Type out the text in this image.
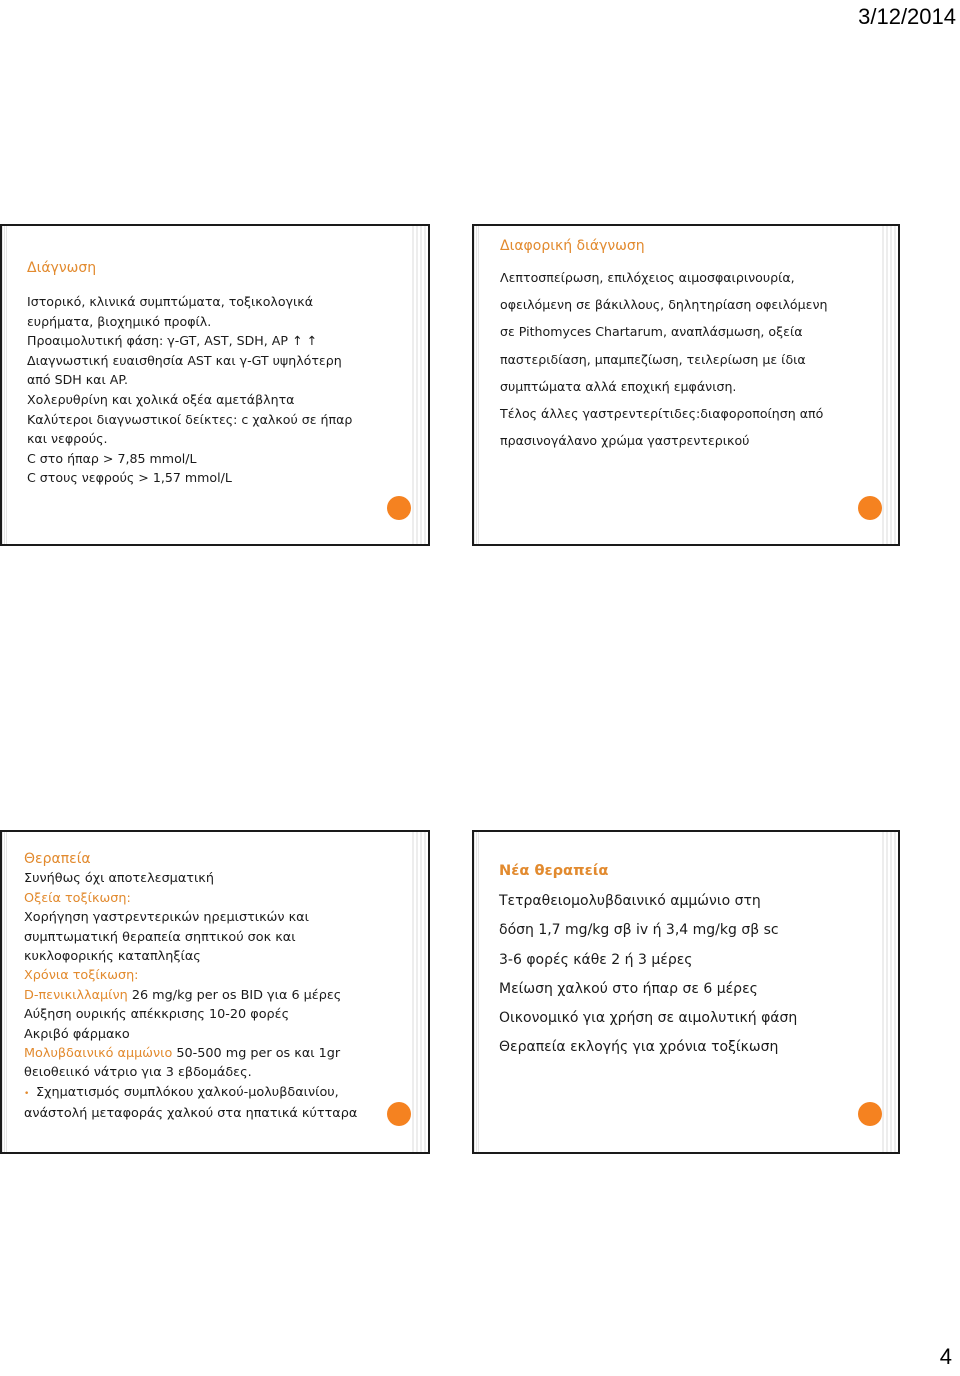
3/12/2014
Διάγνωση
Ιστορικό, κλινικά συμπτώματα, τοξικολογικά
ευρήματα, βιοχημικό προφίλ.
Προαιμολυτική φάση: γ-GT, AST, SDH, AP ↑ ↑
Διαγνωστική ευαισθησία AST και γ-GT υψηλότερη
από SDH και AP.
Χολερυθρίνη και χολικά οξέα αμετάβλητα
Καλύτεροι διαγνωστικοί δείκτες: c χαλκού σε ήπαρ
και νεφρούς.
C στο ήπαρ > 7,85 mmol/L
C στους νεφρούς > 1,57 mmol/L
Διαφορική διάγνωση
Λεπτοσπείρωση, επιλόχειος αιμοσφαιρινουρία,
οφειλόμενη σε βάκιλλους, δηλητηρίαση οφειλόμενη
σε Pithomyces Chartarum, αναπλάσμωση, οξεία
παστεριδίαση, μπαμπεζίωση, τειλερίωση με ίδια
συμπτώματα αλλά εποχική εμφάνιση.
Τέλος άλλες γαστρεντερίτιδες:διαφοροποίηση από
πρασινογάλανο χρώμα γαστρεντερικού
Θεραπεία
Συνήθως όχι αποτελεσματική
Οξεία τοξίκωση:
Χορήγηση γαστρεντερικών ηρεμιστικών και
συμπτωματική θεραπεία σηπτικού σοκ και
κυκλοφορικής καταπληξίας
Χρόνια τοξίκωση:
D-πενικιλλαμίνη 26 mg/kg per os BID για 6 μέρες
Αύξηση ουρικής απέκκρισης 10-20 φορές
Ακριβό φάρμακο
Μολυβδαινικό αμμώνιο 50-500 mg per os και 1gr
θειοθειικό νάτριο για 3 εβδομάδες.
• Σχηματισμός συμπλόκου χαλκού-μολυβδαινίου,
ανάστολή μεταφοράς χαλκού στα ηπατικά κύτταρα
Νέα θεραπεία
Τετραθειομολυβδαινικό αμμώνιο στη
δόση 1,7 mg/kg σβ iv ή 3,4 mg/kg σβ sc
3-6 φορές κάθε 2 ή 3 μέρες
Μείωση χαλκού στο ήπαρ σε 6 μέρες
Οικονομικό για χρήση σε αιμολυτική φάση
Θεραπεία εκλογής για χρόνια τοξίκωση
4
